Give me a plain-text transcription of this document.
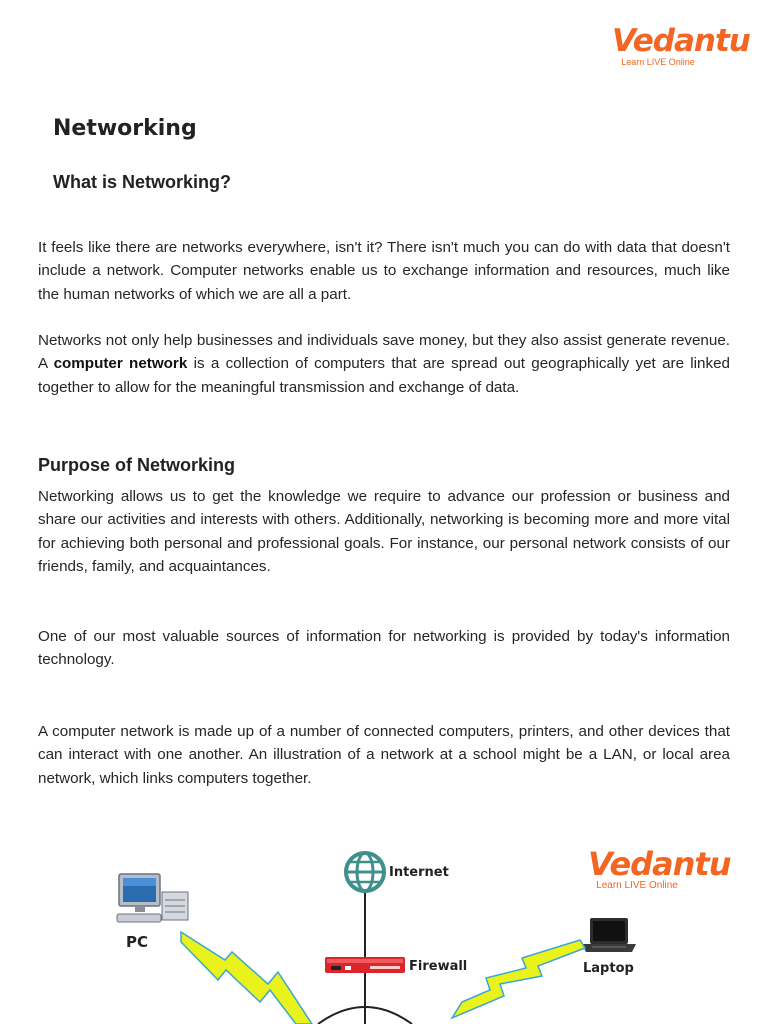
Vedantu
Learn LIVE Online
Networking
What is Networking?

It feels like there are networks everywhere, isn't it? There isn't much you can do with data that doesn't include a network. Computer networks enable us to exchange information and resources, much like the human networks of which we are all a part.

Networks not only help businesses and individuals save money, but they also assist generate revenue. A computer network is a collection of computers that are spread out geographically yet are linked together to allow for the meaningful transmission and exchange of data.

Purpose of Networking

Networking allows us to get the knowledge we require to advance our profession or business and share our activities and interests with others. Additionally, networking is becoming more and more vital for achieving both personal and professional goals. For instance, our personal network consists of our friends, family, and acquaintances.

One of our most valuable sources of information for networking is provided by today's information technology.

A computer network is made up of a number of connected computers, printers, and other devices that can interact with one another. An illustration of a network at a school might be a LAN, or local area network, which links computers together.

Vedantu
Learn LIVE Online
Internet
Firewall
PC
Laptop
